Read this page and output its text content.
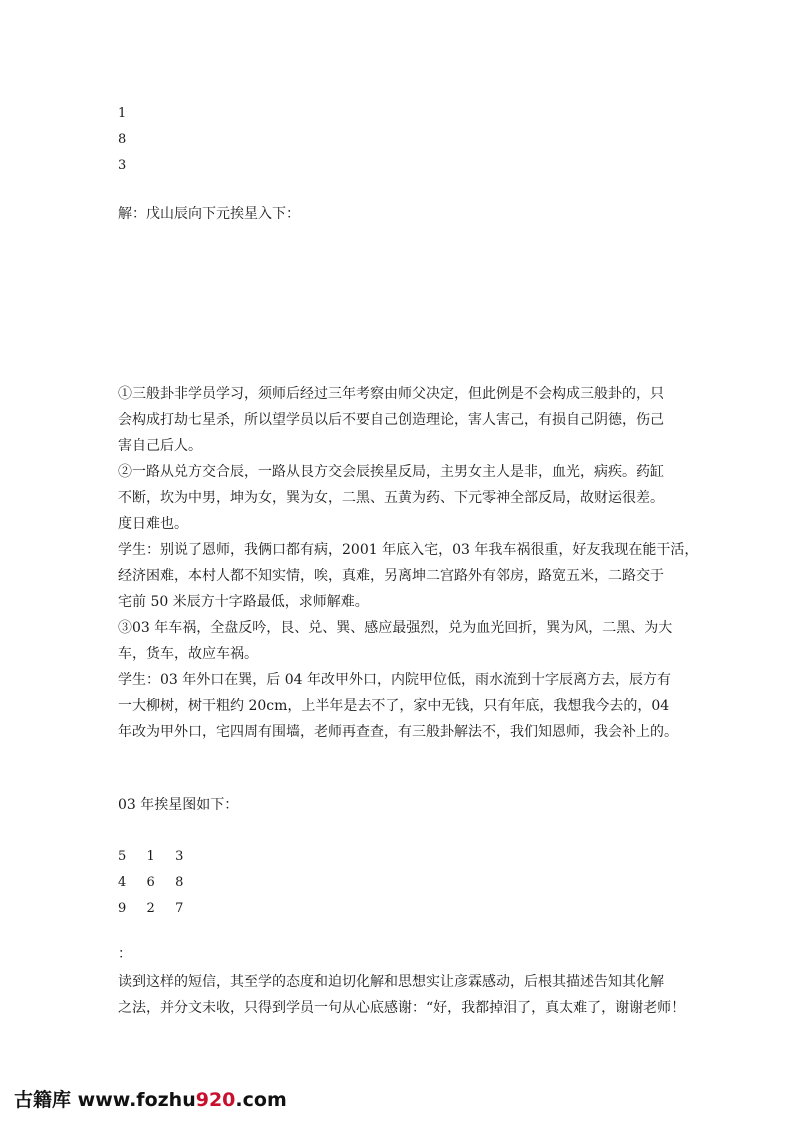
1
8
3
解：戊山辰向下元挨星入下：
①三般卦非学员学习，须师后经过三年考察由师父决定，但此例是不会构成三般卦的，只
会构成打劫七星杀，所以望学员以后不要自己创造理论，害人害己，有损自己阴德，伤己
害自己后人。
②一路从兑方交合辰，一路从艮方交会辰挨星反局，主男女主人是非，血光，病疾。药缸
不断，坎为中男，坤为女，巽为女，二黑、五黄为药、下元零神全部反局，故财运很差。
度日难也。
学生：别说了恩师，我俩口都有病，2001 年底入宅，03 年我车祸很重，好友我现在能干活，
经济困难，本村人都不知实情，唉，真难，另离坤二宫路外有邻房，路宽五米，二路交于
宅前 50 米辰方十字路最低，求师解难。
③03 年车祸，全盘反吟，艮、兑、巽、感应最强烈，兑为血光回折，巽为风，二黑、为大
车，货车，故应车祸。
学生：03 年外口在巽，后 04 年改甲外口，内院甲位低，雨水流到十字辰离方去，辰方有
一大柳树，树干粗约 20cm，上半年是去不了，家中无钱，只有年底，我想我今去的，04
年改为甲外口，宅四周有围墙，老师再查查，有三般卦解法不，我们知恩师，我会补上的。
03 年挨星图如下：
5  1  3
4  6  8
9  2  7
：
读到这样的短信，其至学的态度和迫切化解和思想实让彦霖感动，后根其描述告知其化解
之法，并分文未收，只得到学员一句从心底感谢：“好，我都掉泪了，真太难了，谢谢老师！
古籍库 www.fozhu920.com
